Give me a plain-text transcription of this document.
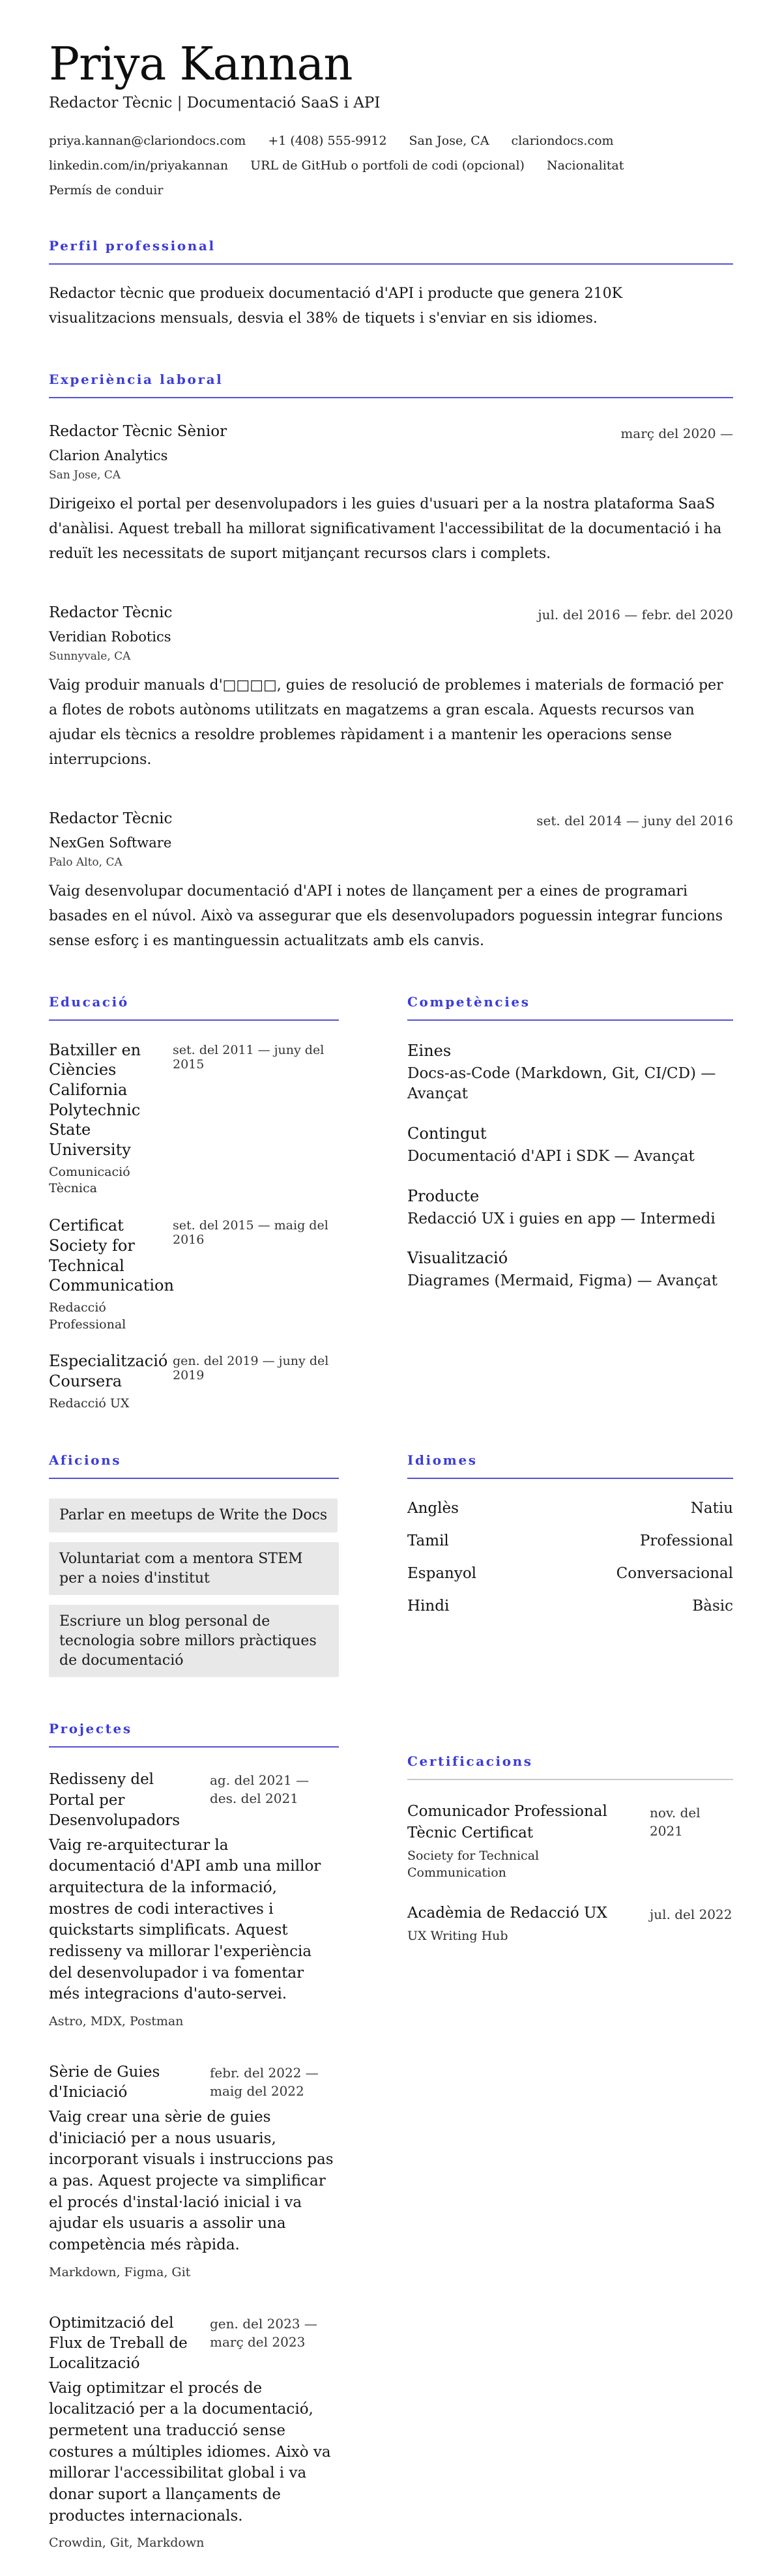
Priya Kannan
Redactor Tècnic | Documentació SaaS i API
priya.kannan@clariondocs.com +1 (408) 555-9912 San Jose, CA clariondocs.com
linkedin.com/in/priyakannan URL de GitHub o portfoli de codi (opcional) Nacionalitat
Permís de conduir
Perfil professional

Redactor tècnic que produeix documentació d'API i producte que genera 210K visualitzacions mensuals, desvia el 38% de tiquets i s'enviar en sis idiomes.

Experiència laboral
Redactor Tècnic Sènior	març del 2020 —
Clarion Analytics
San Jose, CA

Dirigeixo el portal per desenvolupadors i les guies d'usuari per a la nostra plataforma SaaS d'anàlisi. Aquest treball ha millorat significativament l'accessibilitat de la documentació i ha reduït les necessitats de suport mitjançant recursos clars i complets.

Redactor Tècnic	jul. del 2016 — febr. del 2020
Veridian Robotics
Sunnyvale, CA

Vaig produir manuals d'□□□□, guies de resolució de problemes i materials de formació per a flotes de robots autònoms utilitzats en magatzems a gran escala. Aquests recursos van ajudar els tècnics a resoldre problemes ràpidament i a mantenir les operacions sense interrupcions.

Redactor Tècnic	set. del 2014 — juny del 2016
NexGen Software
Palo Alto, CA

Vaig desenvolupar documentació d'API i notes de llançament per a eines de programari basades en el núvol. Això va assegurar que els desenvolupadors poguessin integrar funcions sense esforç i es mantinguessin actualitzats amb els canvis.

Educació
Batxiller en Ciències
California Polytechnic State University
Comunicació Tècnica
set. del 2011 — juny del 2015
Certificat
Society for Technical Communication
Redacció Professional
set. del 2015 — maig del 2016
Especialització
Coursera
Redacció UX
gen. del 2019 — juny del 2019
Competències
Eines
Docs-as-Code (Markdown, Git, CI/CD) — Avançat
Contingut
Documentació d'API i SDK — Avançat
Producte
Redacció UX i guies en app — Intermedi
Visualització
Diagrames (Mermaid, Figma) — Avançat
Aficions
Parlar en meetups de Write the Docs
Voluntariat com a mentora STEM per a noies d'institut
Escriure un blog personal de tecnologia sobre millors pràctiques de documentació
Idiomes
Anglès	Natiu
Tamil	Professional
Espanyol	Conversacional
Hindi	Bàsic
Projectes
Redisseny del Portal per Desenvolupadors
ag. del 2021 — des. del 2021

Vaig re-arquitecturar la documentació d'API amb una millor arquitectura de la informació, mostres de codi interactives i quickstarts simplificats. Aquest redisseny va millorar l'experiència del desenvolupador i va fomentar més integracions d'auto-servei.

Astro, MDX, Postman
Sèrie de Guies d'Iniciació
febr. del 2022 — maig del 2022

Vaig crear una sèrie de guies d'iniciació per a nous usuaris, incorporant visuals i instruccions pas a pas. Aquest projecte va simplificar el procés d'instal·lació inicial i va ajudar els usuaris a assolir una competència més ràpida.

Markdown, Figma, Git
Optimització del Flux de Treball de Localització
gen. del 2023 — març del 2023

Vaig optimitzar el procés de localització per a la documentació, permetent una traducció sense costures a múltiples idiomes. Això va millorar l'accessibilitat global i va donar suport a llançaments de productes internacionals.

Crowdin, Git, Markdown
Certificacions
Comunicador Professional Tècnic Certificat
Society for Technical Communication
nov. del 2021
Acadèmia de Redacció UX
UX Writing Hub
jul. del 2022
